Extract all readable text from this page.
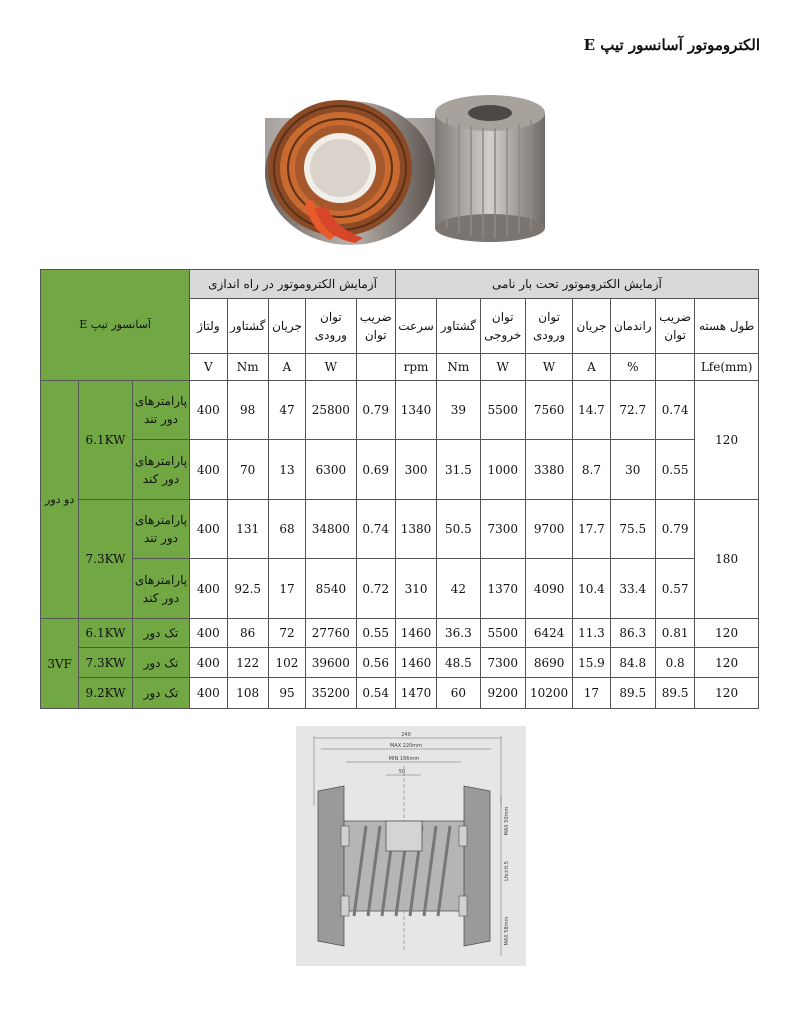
الکتروموتور آسانسور تیپ E
آسانسور تیپ E			آزمایش الکتروموتور در راه اندازی					آزمایش الکتروموتور تحت بار نامی							
			ولتاژ	گشتاور	جریان	توان ورودی	ضریب توان	سرعت	گشتاور	توان خروجی	توان ورودی	جریان	راندمان	ضریب توان	طول هسته
			V	Nm	A	W		rpm	Nm	W	W	A	%		Lfe(mm)
دو دور	6.1KW	پارامترهای دور تند	400	98	47	25800	0.79	1340	39	5500	7560	14.7	72.7	0.74	120
		پارامترهای دور کند	400	70	13	6300	0.69	300	31.5	1000	3380	8.7	30	0.55	
	7.3KW	پارامترهای دور تند	400	131	68	34800	0.74	1380	50.5	7300	9700	17.7	75.5	0.79	180
		پارامترهای دور کند	400	92.5	17	8540	0.72	310	42	1370	4090	10.4	33.4	0.57	
3VF	6.1KW	تک دور	400	86	72	27760	0.55	1460	36.3	5500	6424	11.3	86.3	0.81	120
	7.3KW	تک دور	400	122	102	39600	0.56	1460	48.5	7300	8690	15.9	84.8	0.8	120
	9.2KW	تک دور	400	108	95	35200	0.54	1470	60	9200	10200	17	89.5	89.5	120
240
MAX 220mm
MIN 166mm
50
MAX 50mm
Lfe±0.5
MAX 58mm
